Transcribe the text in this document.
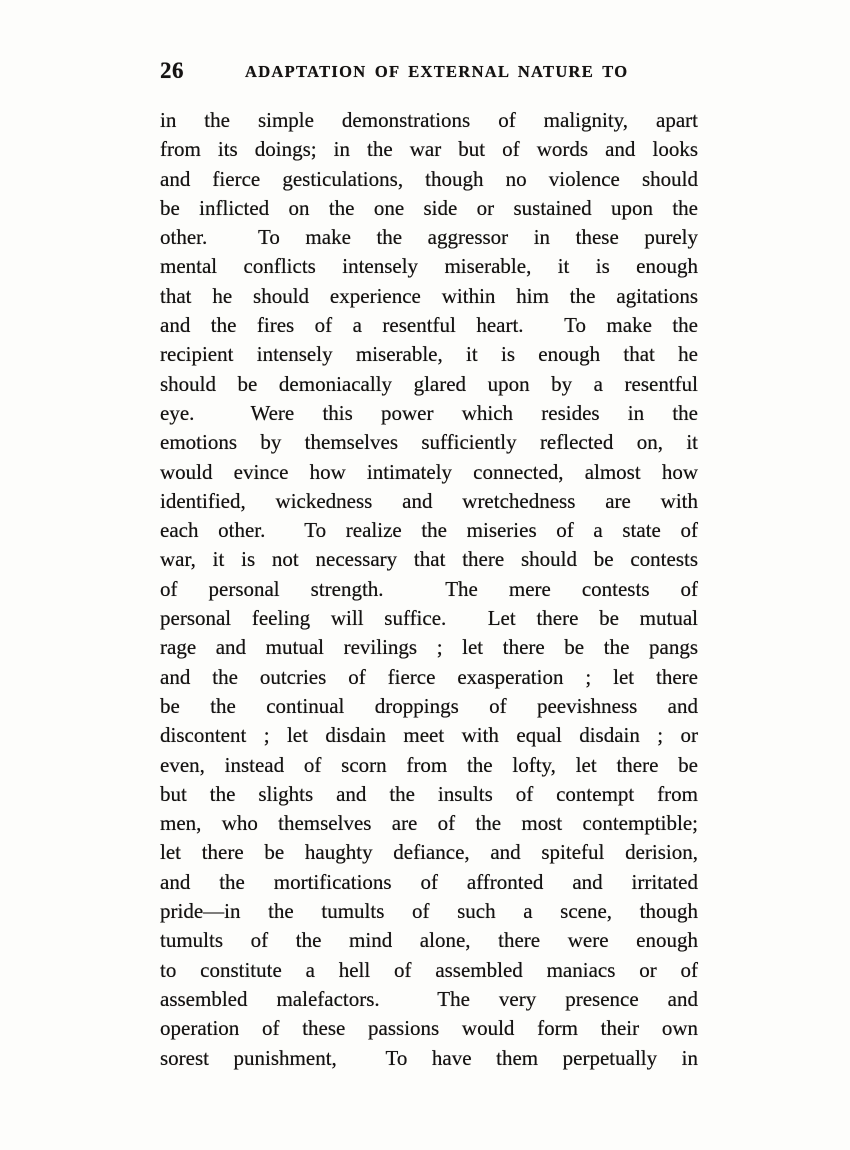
26	ADAPTATION OF EXTERNAL NATURE TO
in the simple demonstrations of malignity, apart
from its doings; in the war but of words and looks
and fierce gesticulations, though no violence should
be inflicted on the one side or sustained upon the
other.  To make the aggressor in these purely
mental conflicts intensely miserable, it is enough
that he should experience within him the agitations
and the fires of a resentful heart.  To make the
recipient intensely miserable, it is enough that he
should be demoniacally glared upon by a resentful
eye.  Were this power which resides in the
emotions by themselves sufficiently reflected on, it
would evince how intimately connected, almost how
identified, wickedness and wretchedness are with
each other.  To realize the miseries of a state of
war, it is not necessary that there should be contests
of personal strength.  The mere contests of
personal feeling will suffice.  Let there be mutual
rage and mutual revilings ; let there be the pangs
and the outcries of fierce exasperation ; let there
be the continual droppings of peevishness and
discontent ; let disdain meet with equal disdain ; or
even, instead of scorn from the lofty, let there be
but the slights and the insults of contempt from
men, who themselves are of the most contemptible;
let there be haughty defiance, and spiteful derision,
and the mortifications of affronted and irritated
pride—in the tumults of such a scene, though
tumults of the mind alone, there were enough
to constitute a hell of assembled maniacs or of
assembled malefactors.  The very presence and
operation of these passions would form their own
sorest punishment,  To have them perpetually in
